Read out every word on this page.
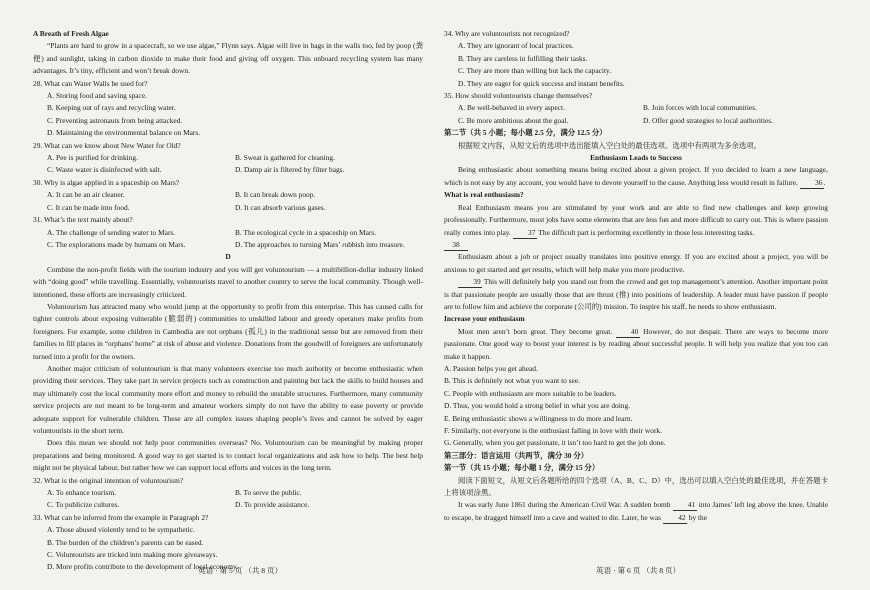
A Breath of Fresh Algae

“Plants are hard to grow in a spacecraft, so we use algae,” Flynn says. Algae will live in bags in the walls too, fed by poop (粪便) and sunlight, taking in carbon dioxide to make their food and giving off oxygen. This onboard recycling system has many advantages. It’s tiny, efficient and won’t break down.

28. What can Water Walls be used for?

A. Storing food and saving space.

B. Keeping out of rays and recycling water.

C. Preventing astronauts from being attacked.

D. Maintaining the environmental balance on Mars.

29. What can we know about New Water for Old?

A. Pee is purified for drinking.	B. Sweat is gathered for cleaning.
C. Waste water is disinfected with salt.	D. Damp air is filtered by filter bags.

30. Why is algae applied in a spaceship on Mars?

A. It can be an air cleaner.	B. It can break down poop.
C. It can be made into food.	D. It can absorb various gases.

31. What’s the text mainly about?

A. The challenge of sending water to Mars.	B. The ecological cycle in a spaceship on Mars.
C. The explorations made by humans on Mars.	D. The approaches to turning Mars’ rubbish into treasure.

D

Combine the non-profit fields with the tourism industry and you will get voluntourism — a multibillion-dollar industry linked with “doing good” while travelling. Essentially, voluntourists travel to another country to serve the local community. Though well-intentioned, these efforts are increasingly criticized.

Voluntourism has attracted many who would jump at the opportunity to profit from this enterprise. This has caused calls for tighter controls about exposing vulnerable (脆弱的) communities to unskilled labour and greedy operators make profits from foreigners. For example, some children in Cambodia are not orphans (孤儿) in the traditional sense but are removed from their families to fill places in “orphans’ home” at risk of abuse and violence. Donations from the goodwill of foreigners are unfortunately turned into a profit for the owners.

Another major criticism of voluntourism is that many volunteers exercise too much authority or become enthusiastic when providing their services. They take part in service projects such as construction and painting but lack the skills to build houses and may ultimately cost the local community more effort and money to rebuild the unstable structures. Furthermore, many community service projects are not meant to be long-term and amateur workers simply do not have the ability to ease poverty or provide adequate support for vulnerable children. These are all complex issues shaping people’s lives and cannot be solved by eager voluntourists in the short term.

Does this mean we should not help poor communities overseas? No. Voluntourism can be meaningful by making proper preparations and being monitored. A good way to get started is to contact local organizations and ask how to help. The best help might not be physical labour, but rather how we can support local efforts and voices in the long term.

32. What is the original intention of voluntourism?

A. To enhance tourism.	B. To serve the public.
C. To publicize cultures.	D. To provide assistance.

33. What can be inferred from the example in Paragraph 2?

A. Those abused violently tend to be sympathetic.

B. The burden of the children’s parents can be eased.

C. Voluntourists are tricked into making more giveaways.

D. More profits contribute to the development of local economy.

34. Why are voluntourists not recognized?

A. They are ignorant of local practices.

B. They are careless in fulfilling their tasks.

C. They are more than willing but lack the capacity.

D. They are eager for quick success and instant benefits.

35. How should voluntourists change themselves?

A. Be well-behaved in every aspect.	B. Join forces with local communities.
C. Be more ambitious about the goal.	D. Offer good strategies to local authorities.

第二节（共 5 小题；每小题 2.5 分，满分 12.5 分）

根据短文内容，从短文后的选项中选出能填入空白处的最佳选项。选项中有两项为多余选项。

Enthusiasm Leads to Success

Being enthusiastic about something means being excited about a given project. If you decided to learn a new language, which is not easy by any account, you would have to devote yourself to the cause. Anything less would result in failure. 36.

What is real enthusiasm?

Real Enthusiasm means you are stimulated by your work and are able to find new challenges and keep growing professionally. Furthermore, most jobs have some elements that are less fun and more difficult to carry out. This is where passion really comes into play. 37 The difficult part is performing excellently in those less interesting tasks.

38

Enthusiasm about a job or project usually translates into positive energy. If you are excited about a project, you will be anxious to get started and get results, which will help make you more productive.

39 This will definitely help you stand out from the crowd and get top management’s attention. Another important point is that passionate people are usually those that are thrust (推) into positions of leadership. A leader must have passion if people are to follow him and achieve the corporate (公司的) mission. To inspire his staff, he needs to show enthusiasm.

Increase your enthusiasm

Most men aren’t born great. They become great.	40 However, do not despair. There are ways to become more passionate. One good way to boost your interest is by reading about successful people. It will help you realize that you too can make it happen.

A. Passion helps you get ahead.

B. This is definitely not what you want to see.

C. People with enthusiasm are more suitable to be leaders.

D. Thus, you would hold a strong belief in what you are doing.

E. Being enthusiastic shows a willingness to do more and learn.

F. Similarly, not everyone is the enthusiast falling in love with their work.

G. Generally, when you get passionate, it isn’t too hard to get the job done.

第三部分：语言运用（共两节，满分 30 分）

第一节（共 15 小题；每小题 1 分，满分 15 分）

阅读下面短文，从短文后各题所给的四个选项（A、B、C、D）中，选出可以填入空白处的最佳选项，并在答题卡上将该项涂黑。

It was early June 1861 during the American Civil War. A sudden bomb 41 into James’ left leg above the knee. Unable to escape, he dragged himself into a cave and waited to die. Later, he was 42 by the

英语 · 第 5 页 （共 8 页）	英语 · 第 6 页 （共 8 页）
